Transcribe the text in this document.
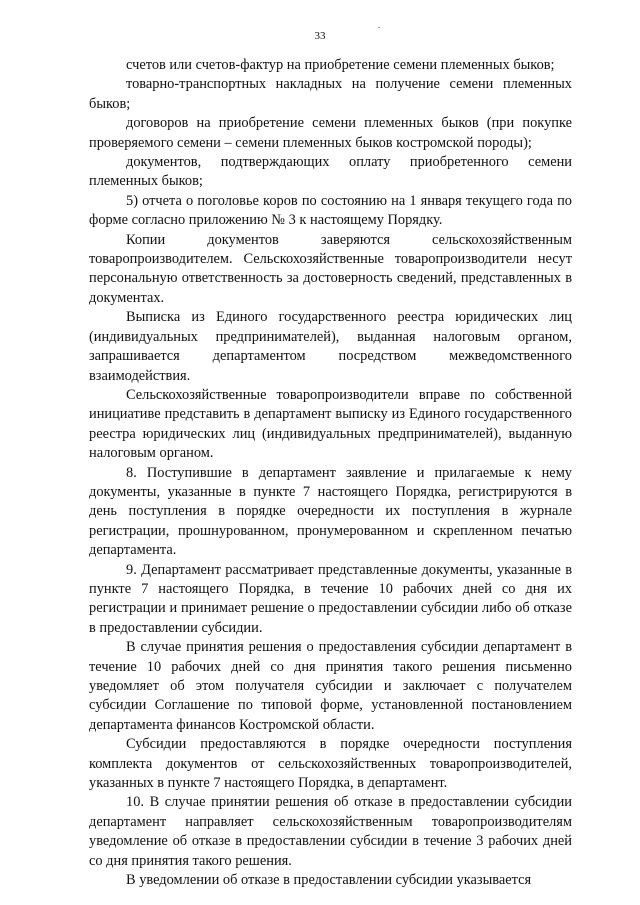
33

счетов или счетов-фактур на приобретение семени племенных быков;

товарно-транспортных накладных на получение семени племенных быков;

договоров на приобретение семени племенных быков (при покупке проверяемого семени – семени племенных быков костромской породы);

документов, подтверждающих оплату приобретенного семени племенных быков;

5) отчета о поголовье коров по состоянию на 1 января текущего года по форме согласно приложению № 3 к настоящему Порядку.

Копии документов заверяются сельскохозяйственным товаропроизводителем. Сельскохозяйственные товаропроизводители несут персональную ответственность за достоверность сведений, представленных в документах.

Выписка из Единого государственного реестра юридических лиц (индивидуальных предпринимателей), выданная налоговым органом, запрашивается департаментом посредством межведомственного взаимодействия.

Сельскохозяйственные товаропроизводители вправе по собственной инициативе представить в департамент выписку из Единого государственного реестра юридических лиц (индивидуальных предпринимателей), выданную налоговым органом.

8. Поступившие в департамент заявление и прилагаемые к нему документы, указанные в пункте 7 настоящего Порядка, регистрируются в день поступления в порядке очередности их поступления в журнале регистрации, прошнурованном, пронумерованном и скрепленном печатью департамента.

9. Департамент рассматривает представленные документы, указанные в пункте 7 настоящего Порядка, в течение 10 рабочих дней со дня их регистрации и принимает решение о предоставлении субсидии либо об отказе в предоставлении субсидии.

В случае принятия решения о предоставления субсидии департамент в течение 10 рабочих дней со дня принятия такого решения письменно уведомляет об этом получателя субсидии и заключает с получателем субсидии Соглашение по типовой форме, установленной постановлением департамента финансов Костромской области.

Субсидии предоставляются в порядке очередности поступления комплекта документов от сельскохозяйственных товаропроизводителей, указанных в пункте 7 настоящего Порядка, в департамент.

10. В случае принятии решения об отказе в предоставлении субсидии департамент направляет сельскохозяйственным товаропроизводителям уведомление об отказе в предоставлении субсидии в течение 3 рабочих дней со дня принятия такого решения.

В уведомлении об отказе в предоставлении субсидии указывается
